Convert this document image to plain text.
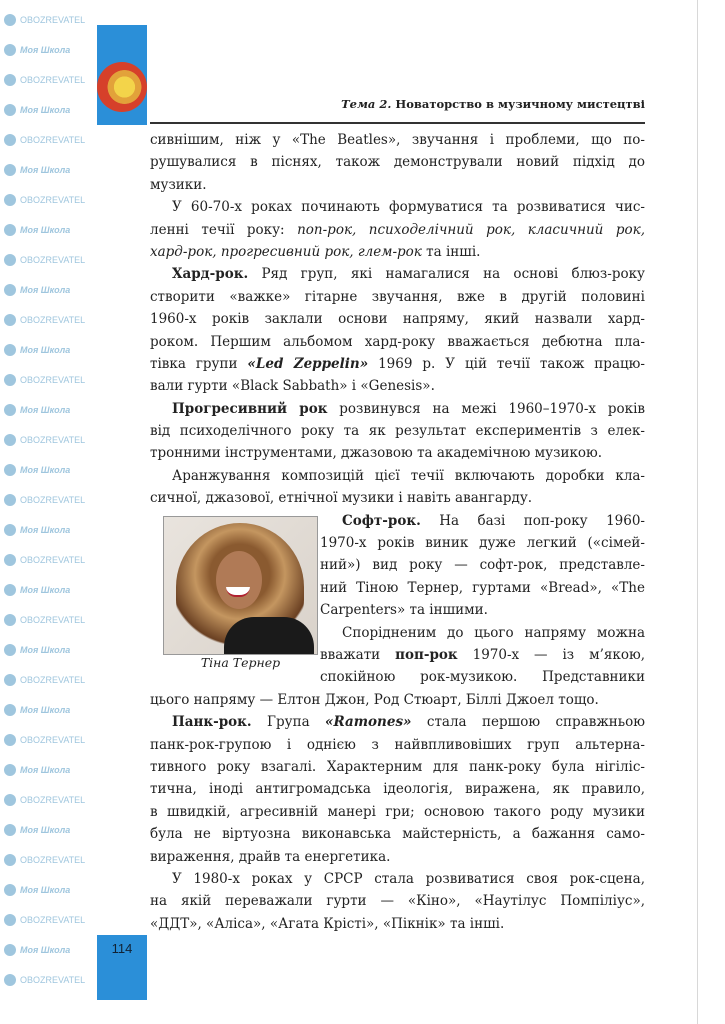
114
Тема 2. Новаторство в музичному мистецтві
Тіна Тернер
сивнішим, ніж у «The Beatles», звучання і проблеми, що по-
рушувалися в піснях, також демонстрували новий підхід до
музики.
У 60-70-х роках починають формуватися та розвиватися чис-
ленні течії року: поп-рок, психоделічний рок, класичний рок,
хард-рок, прогресивний рок, глем-рок та інші.
Хард-рок. Ряд груп, які намагалися на основі блюз-року
створити «важке» гітарне звучання, вже в другій половині
1960-х років заклали основи напряму, який назвали хард-
роком. Першим альбомом хард-року вважається дебютна пла-
тівка групи «Led Zeppelin» 1969 р. У цій течії також працю-
вали гурти «Black Sabbath» і «Genesis».
Прогресивний рок розвинувся на межі 1960–1970-х років
від психоделічного року та як результат експериментів з елек-
тронними інструментами, джазовою та академічною музикою.
Аранжування композицій цієї течії включають доробки кла-
сичної, джазової, етнічної музики і навіть авангарду.
Софт-рок. На базі поп-року 1960-
1970-х років виник дуже легкий («сімей-
ний») вид року — софт-рок, представле-
ний Тіною Тернер, гуртами «Bread», «The
Carpenters» та іншими.
Спорідненим до цього напряму можна
вважати поп-рок 1970-х — із м’якою,
спокійною рок-музикою. Представники
цього напряму — Елтон Джон, Род Стюарт, Біллі Джоел тощо.
Панк-рок. Група «Ramones» стала першою справжньою
панк-рок-групою і однією з найвпливовіших груп альтерна-
тивного року взагалі. Характерним для панк-року була нігіліс-
тична, іноді антигромадська ідеологія, виражена, як правило,
в швидкій, агресивній манері гри; основою такого роду музики
була не віртуозна виконавська майстерність, а бажання само-
вираження, драйв та енергетика.
У 1980-х роках у СРСР стала розвиватися своя рок-сцена,
на якій переважали гурти — «Кіно», «Наутілус Помпіліус»,
«ДДТ», «Аліса», «Агата Крісті», «Пікнік» та інші.
OBOZREVATEL
Моя Школа
OBOZREVATEL
Моя Школа
OBOZREVATEL
Моя Школа
OBOZREVATEL
Моя Школа
OBOZREVATEL
Моя Школа
OBOZREVATEL
Моя Школа
OBOZREVATEL
Моя Школа
OBOZREVATEL
Моя Школа
OBOZREVATEL
Моя Школа
OBOZREVATEL
Моя Школа
OBOZREVATEL
Моя Школа
OBOZREVATEL
Моя Школа
OBOZREVATEL
Моя Школа
OBOZREVATEL
Моя Школа
OBOZREVATEL
Моя Школа
OBOZREVATEL
Моя Школа
OBOZREVATEL
